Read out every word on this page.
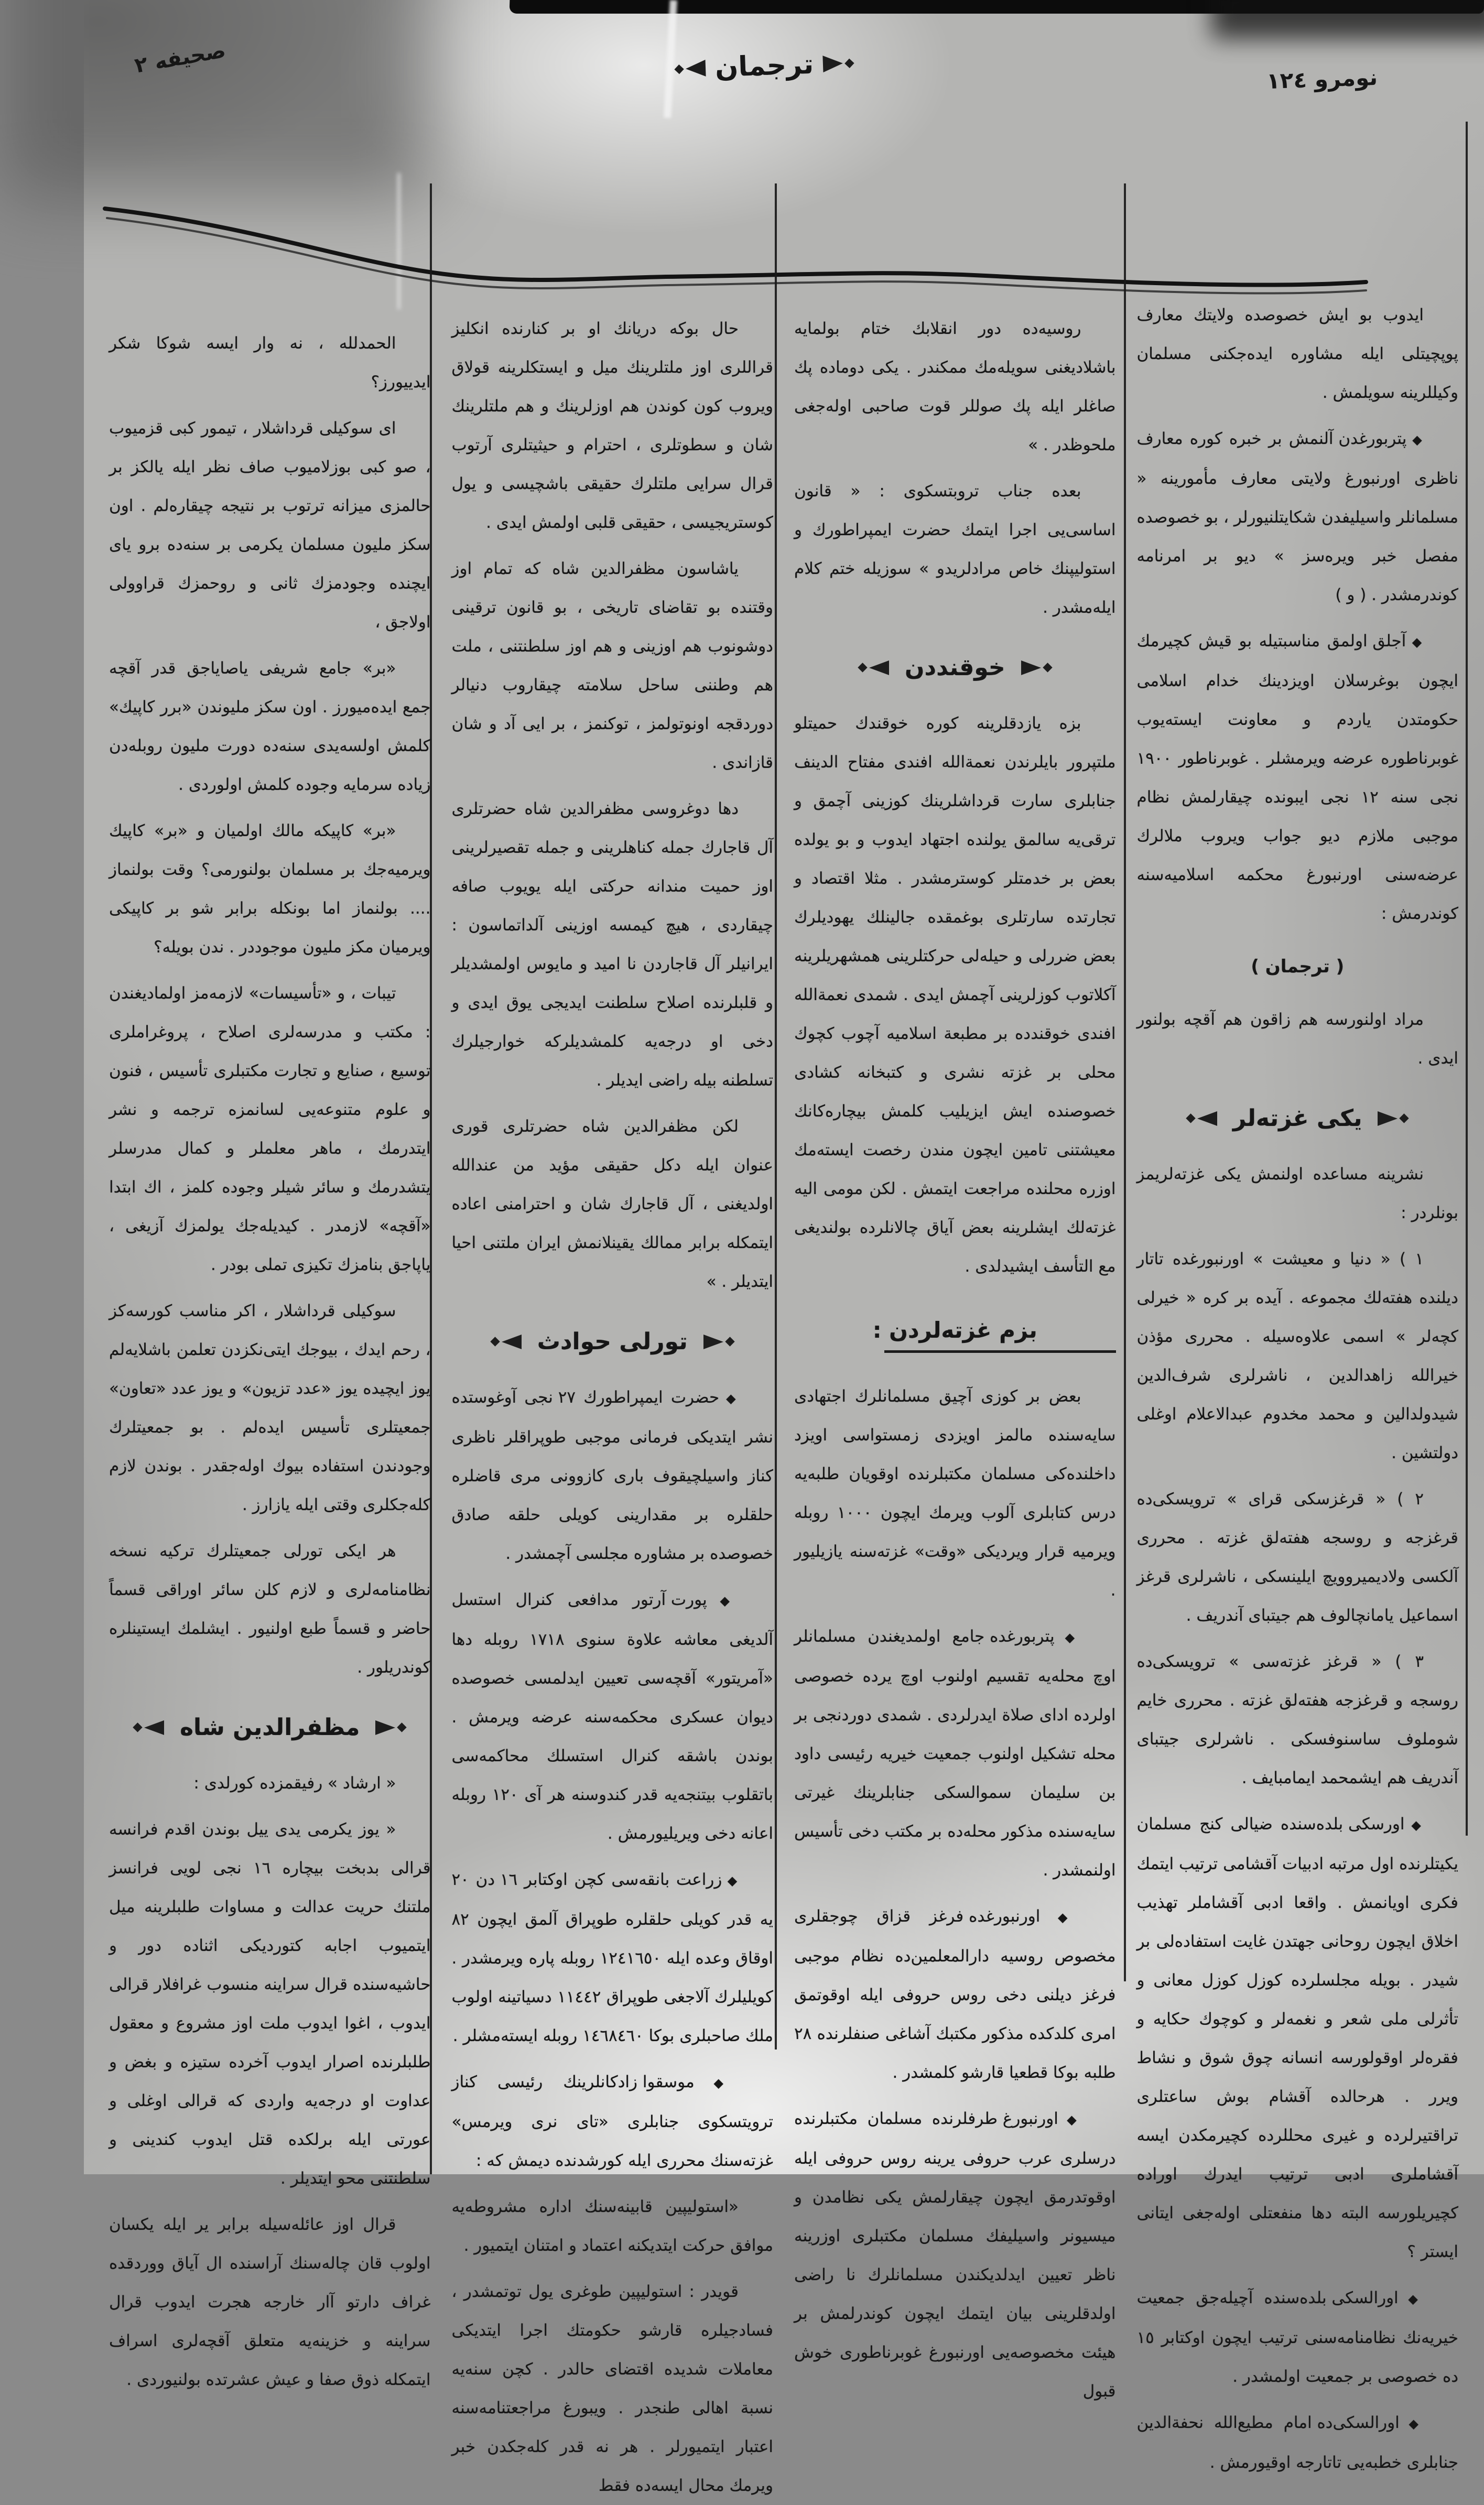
صحیفه ٢	ترجمان	نومرو ١٢٤

الحمدلله ، نه وار ایسه شوکا شکر ایدییورز؟

ای سوکیلی قرداشلار ، تیمور کبی قزمیوب ، صو کبی بوزلامیوب صاف نظر ایله یالکز بر حالمزی میزانه ترتوب بر نتیجه چیقاره‌لم . اون سکز ملیون مسلمان یکرمی بر سنه‌ده برو یای ایچنده وجودمزك ثانی و روحمزك قراوولی اولاجق ،

«بر» جامع شریفی یاصایاجق قدر آقچه جمع ایده‌میورز . اون سکز ملیوندن «برر کاپیك» کلمش اولسه‌یدی سنه‌ده دورت ملیون روبله‌دن زیاده سرمایه وجوده کلمش اولوردی .

«بر» کاپیکه مالك اولمیان و «بر» کاپیك ویرمیه‌جك بر مسلمان بولنورمی؟ وقت بولنماز .... بولنماز اما بونکله برابر شو بر کاپیکی ویرمیان مکز ملیون موجوددر . ندن بویله؟

تیبات ، و «تأسیسات» لازمه‌مز اولمادیغندن : مکتب و مدرسه‌لری اصلاح ، پروغراملری توسیع ، صنایع و تجارت مکتبلری تأسیس ، فنون و علوم متنوعه‌یی لسانمزه ترجمه و نشر ایتدرمك ، ماهر معلملر و کمال مدرسلر یتشدرمك و سائر شیلر وجوده کلمز ، اك ابتدا «آقچه» لازمدر . کیدیله‌جك یولمزك آزیغی ، یاپاجق بنامزك تکیزی تملی بودر .

سوکیلی قرداشلار ، اکر مناسب کورسه‌کز ، رحم ایدك ، بیوجك ایتی‌نکزدن تعلمن باشلایه‌لم یوز ایچیده یوز «عدد تزیون» و یوز عدد «تعاون» جمعیتلری تأسیس ایده‌لم . بو جمعیتلرك وجودندن استفاده بیوك اوله‌جقدر . بوندن لازم کله‌جکلری وقتی ایله یازارز .

هر ایکی تورلی جمعیتلرك ترکیه نسخه نظامنامه‌لری و لازم کلن سائر اوراقی قسماً حاضر و قسماً طبع اولنیور . ایشلمك ایستینلره کوندریلور .

مظفرالدین شاه

« ارشاد » رفیقمزده کورلدی :

« یوز یکرمی یدی ییل بوندن اقدم فرانسه قرالی بدبخت بیچاره ١٦ نجی لویی فرانسز ملتنك حریت عدالت و مساوات طلبلرینه میل ایتمیوب اجابه کتوردیکی اثناده دور و حاشیه‌سنده قرال سراینه منسوب غرافلار قرالی ایدوب ، اغوا ایدوب ملت اوز مشروع و معقول طلبلرنده اصرار ایدوب آخرده ستیزه و بغض و عداوت او درجه‌یه واردی که قرالی اوغلی و عورتی ایله برلکده قتل ایدوب کندینی و سلطنتنی محو ایتدیلر .

قرال اوز عائله‌سیله برابر یر ایله یکسان اولوب قان چاله‌سنك آراسنده ال آیاق ووردقده غراف دارتو آار خارجه هجرت ایدوب قرال سراینه و خزینه‌یه متعلق آقچه‌لری اسراف ایتمکله ذوق صفا و عیش عشرتده بولنیوردی .

حال بوکه دریانك او بر کنارنده انکلیز قراللری اوز ملتلرینك میل و ایستکلرینه قولاق ویروب کون کوندن هم اوزلرینك و هم ملتلرینك شان و سطوتلری ، احترام و حیثیتلری آرتوب قرال سرایی ملتلرك حقیقی باشچیسی و یول کوستریجیسی ، حقیقی قلبی اولمش ایدی .

یاشاسون مظفرالدین شاه که تمام اوز وقتنده بو تقاضای تاریخی ، بو قانون ترقینی دوشونوب هم اوزینی و هم اوز سلطنتنی ، ملت هم وطننی ساحل سلامته چیقاروب دنیالر دوردقجه اونوتولمز ، توکنمز ، بر ایی آد و شان قازاندی .

دها دوغروسی مظفرالدین شاه حضرتلری آل قاجارك جمله کناهلرینی و جمله تقصیرلرینی اوز حمیت مندانه حرکتی ایله یویوب صافه چیقاردی ، هیچ کیمسه اوزینی آلداتماسون : ایرانیلر آل قاجاردن نا امید و مایوس اولمشدیلر و قلبلرنده اصلاح سلطنت ایدیجی یوق ایدی و دخی او درجه‌یه کلمشدیلرکه خوارجیلرك تسلطنه بیله راضی ایدیلر .

لکن مظفرالدین شاه حضرتلری قوری عنوان ایله دکل حقیقی مؤید من عندالله اولدیغنی ، آل قاجارك شان و احترامنی اعاده ایتمکله برابر ممالك یقینلانمش ایران ملتنی احیا ایتدیلر . »

تورلی حوادث

◆ حضرت ایمپراطورك ٢٧ نجی آوغوستده نشر ایتدیکی فرمانی موجبی طوپراقلر ناظری کناز واسیلچیقوف باری کازوونی مری قاضلره حلقلره بر مقدارینی کویلی حلقه صادق خصوصده بر مشاوره مجلسی آچمشدر .

◆ پورت آرتور مدافعی کنرال استسل آلدیغی معاشه علاوة سنوی ١٧١٨ روبله دها «آمریتور» آقچه‌سی تعیین ایدلمسی خصوصده دیوان عسکری محکمه‌سنه عرضه ویرمش . بوندن باشقه کنرال استسلك محاکمه‌سی باتقلوب بیتنجه‌یه قدر کندوسنه هر آی ١٢٠ روبله اعانه دخی ویریلیورمش .

◆ زراعت بانقه‌سی کچن اوکتابر ١٦ دن ٢٠ یه قدر کویلی حلقلره طوپراق آلمق ایچون ٨٢ اوقاق وعده ایله ١٢٤١٦٥٠ روبله پاره ویرمشدر . کویلیلرك آلاجغی طوپراق ١١٤٤٢ دسیاتینه اولوب ملك صاحبلری بوکا ١٤٦٨٤٦٠ روبله ایسته‌مشلر .

◆ موسقوا زادکانلرینك رئیسی کناز ترویتسکوی جنابلری «تای نری ویرمس» غزته‌سنك محرری ایله کورشدنده دیمش که :

«استولیپین قابینه‌سنك اداره مشروطه‌یه موافق حرکت ایتدیکنه اعتماد و امتنان ایتمیور .

قویدر : استولیپین طوغری یول توتمشدر ، فسادجیلره قارشو حکومتك اجرا ایتدیکی معاملات شدیده اقتضای حالدر . کچن سنه‌یه نسبة اهالی طنجدر . ویبورغ مراجعتنامه‌سنه اعتبار ایتمیورلر . هر نه قدر کله‌جکدن خبر ویرمك محال ایسه‌ده فقط

روسیه‌ده دور انقلابك ختام بولمایه باشلادیغنی سویله‌مك ممکندر . یکی دوماده پك صاغلر ایله پك صوللر قوت صاحبی اوله‌جغی ملحوظدر . »

بعده جناب تروبتسکوی : « قانون اساسی‌یی اجرا ایتمك حضرت ایمپراطورك و استولیپنك خاص مرادلریدو » سوزیله ختم کلام ایله‌مشدر .

خوقنددن

بزه یازدقلرینه کوره خوقندك حمیتلو ملتپرور بایلرندن نعمةالله افندی مفتاح الدینف جنابلری سارت قرداشلرینك کوزینی آچمق و ترقی‌یه سالمق یولنده اجتهاد ایدوب و بو یولده بعض بر خدمتلر کوسترمشدر . مثلا اقتصاد و تجارتده سارتلری بوغمقده جالینلك یهودیلرك بعض ضررلی و حیله‌لی حرکتلرینی همشهریلرینه آکلاتوب کوزلرینی آچمش ایدی . شمدی نعمةالله افندی خوقندده بر مطبعة اسلامیه آچوب کچوك محلی بر غزته نشری و کتبخانه کشادی خصوصنده ایش ایزیلیب کلمش بیچاره‌کانك معیشتنی تامین ایچون مندن رخصت ایسته‌مك اوزره محلنده مراجعت ایتمش . لکن مومی الیه غزته‌لك ایشلرینه بعض آیاق چالانلرده بولندیغی مع التأسف ایشیدلدی .

بزم غزته‌لردن :

بعض بر کوزی آچیق مسلمانلرك اجتهادی سایه‌سنده مالمز اویزدی زمستواسی اویزد داخلنده‌کی مسلمان مکتبلرنده اوقویان طلبه‌یه درس کتابلری آلوب ویرمك ایچون ١٠٠٠ روبله ویرمیه قرار ویردیکی «وقت» غزته‌سنه یازیلیور .

◆ پتربورغده جامع اولمدیغندن مسلمانلر اوچ محله‌یه تقسیم اولنوب اوچ یرده خصوصی اولرده ادای صلاة ایدرلردی . شمدی دوردنجی بر محله تشکیل اولنوب جمعیت خیریه رئیسی داود بن سلیمان سموالسکی جنابلرینك غیرتی سایه‌سنده مذکور محله‌ده بر مکتب دخی تأسیس اولنمشدر .

◆ اورنبورغده فرغز قزاق چوجقلری مخصوص روسیه دارالمعلمین‌ده نظام موجبی فرغز دیلنی دخی روس حروفی ایله اوقوتمق امری کلدکده مذکور مکتبك آشاغی صنفلرنده ٢٨ طلبه بوکا قطعیا قارشو کلمشدر .

◆ اورنبورغ طرفلرنده مسلمان مکتبلرنده درسلری عرب حروفی یرینه روس حروفی ایله اوقوتدرمق ایچون چیقارلمش یکی نظامدن و میسیونر واسیلیفك مسلمان مکتبلری اوزرینه ناظر تعیین ایدلدیکندن مسلمانلرك نا راضی اولدقلرینی بیان ایتمك ایچون کوندرلمش بر هیئت مخصوصه‌یی اورنبورغ غوبرناطوری خوش قبول

ایدوب بو ایش خصوصده ولایتك معارف پوپچیتلی ایله مشاوره ایده‌جکنی مسلمان وکیللرینه سویلمش .

◆ پتربورغدن آلنمش بر خبره کوره معارف ناظری اورنبورغ ولایتی معارف مأمورینه « مسلمانلر واسیلیفدن شکایتلنیورلر ، بو خصوصده مفصل خبر ویره‌سز » دیو بر امرنامه کوندرمشدر . ( و )

◆ آجلق اولمق مناسبتیله بو قیش کچیرمك ایچون بوغرسلان اویزدینك خدام اسلامی حکومتدن یاردم و معاونت ایسته‌یوب غوبرناطوره عرضه ویرمشلر . غوبرناطور ١٩٠٠ نجی سنه ١٢ نجی ایبونده چیقارلمش نظام موجبی ملازم دیو جواب ویروب ملالرك عرضه‌سنی اورنبورغ محکمه اسلامیه‌سنه کوندرمش :

( ترجمان )

مراد اولنورسه هم زاقون هم آقچه بولنور ایدی .

یکی غزته‌لر

نشرینه مساعده اولنمش یکی غزته‌لریمز بونلردر :

١ ) « دنیا و معیشت » اورنبورغده تاتار دیلنده هفته‌لك مجموعه . آیده بر کره « خیرلی کچه‌لر » اسمی علاوه‌سیله . محرری مؤذن خیرالله زاهدالدین ، ناشرلری شرف‌الدین شیدولدالین و محمد مخدوم عبدالاعلام اوغلی دولتشین .

٢ ) « قرغزسکی قرای » ترویسکی‌ده قرغزجه و روسجه هفته‌لق غزته . محرری آلکسی ولادیمیروویچ ایلینسکی ، ناشرلری قرغز اسماعیل یامانچالوف هم جیتبای آندریف .

٣ ) « قرغز غزته‌سی » ترویسکی‌ده روسجه و قرغزجه هفته‌لق غزته . محرری خایم شوملوف ساسنوفسکی . ناشرلری جیتبای آندریف هم ایشمحمد ایمامبایف .

◆ اورسکی بلده‌سنده ضیالی کنج مسلمان یکیتلرنده اول مرتبه ادبیات آقشامی ترتیب ایتمك فکری اویانمش . واقعا ادبی آقشاملر تهذیب اخلاق ایچون روحانی جهتدن غایت استفاده‌لی بر شیدر . بویله مجلسلرده کوزل کوزل معانی و تأثرلی ملی شعر و نغمه‌لر و کوچوك حکایه و فقره‌لر اوقولورسه انسانه چوق شوق و نشاط ویرر . هرحالده آقشام بوش ساعتلری تراقتیرلرده و غیری محللرده کچیرمکدن ایسه آقشاملری ادبی ترتیب ایدرك اوراده کچیریلورسه البته دها منفعتلی اوله‌جغی ایتانی ایستر ؟

◆ اورالسکی بلده‌سنده آچیله‌جق جمعیت خیریه‌نك نظامنامه‌سنی ترتیب ایچون اوکتابر ١٥ ده خصوصی بر جمعیت اولمشدر .

◆ اورالسکی‌ده امام مطیع‌الله نحفةالدین جنابلری خطبه‌یی تاتارجه اوقیورمش .
